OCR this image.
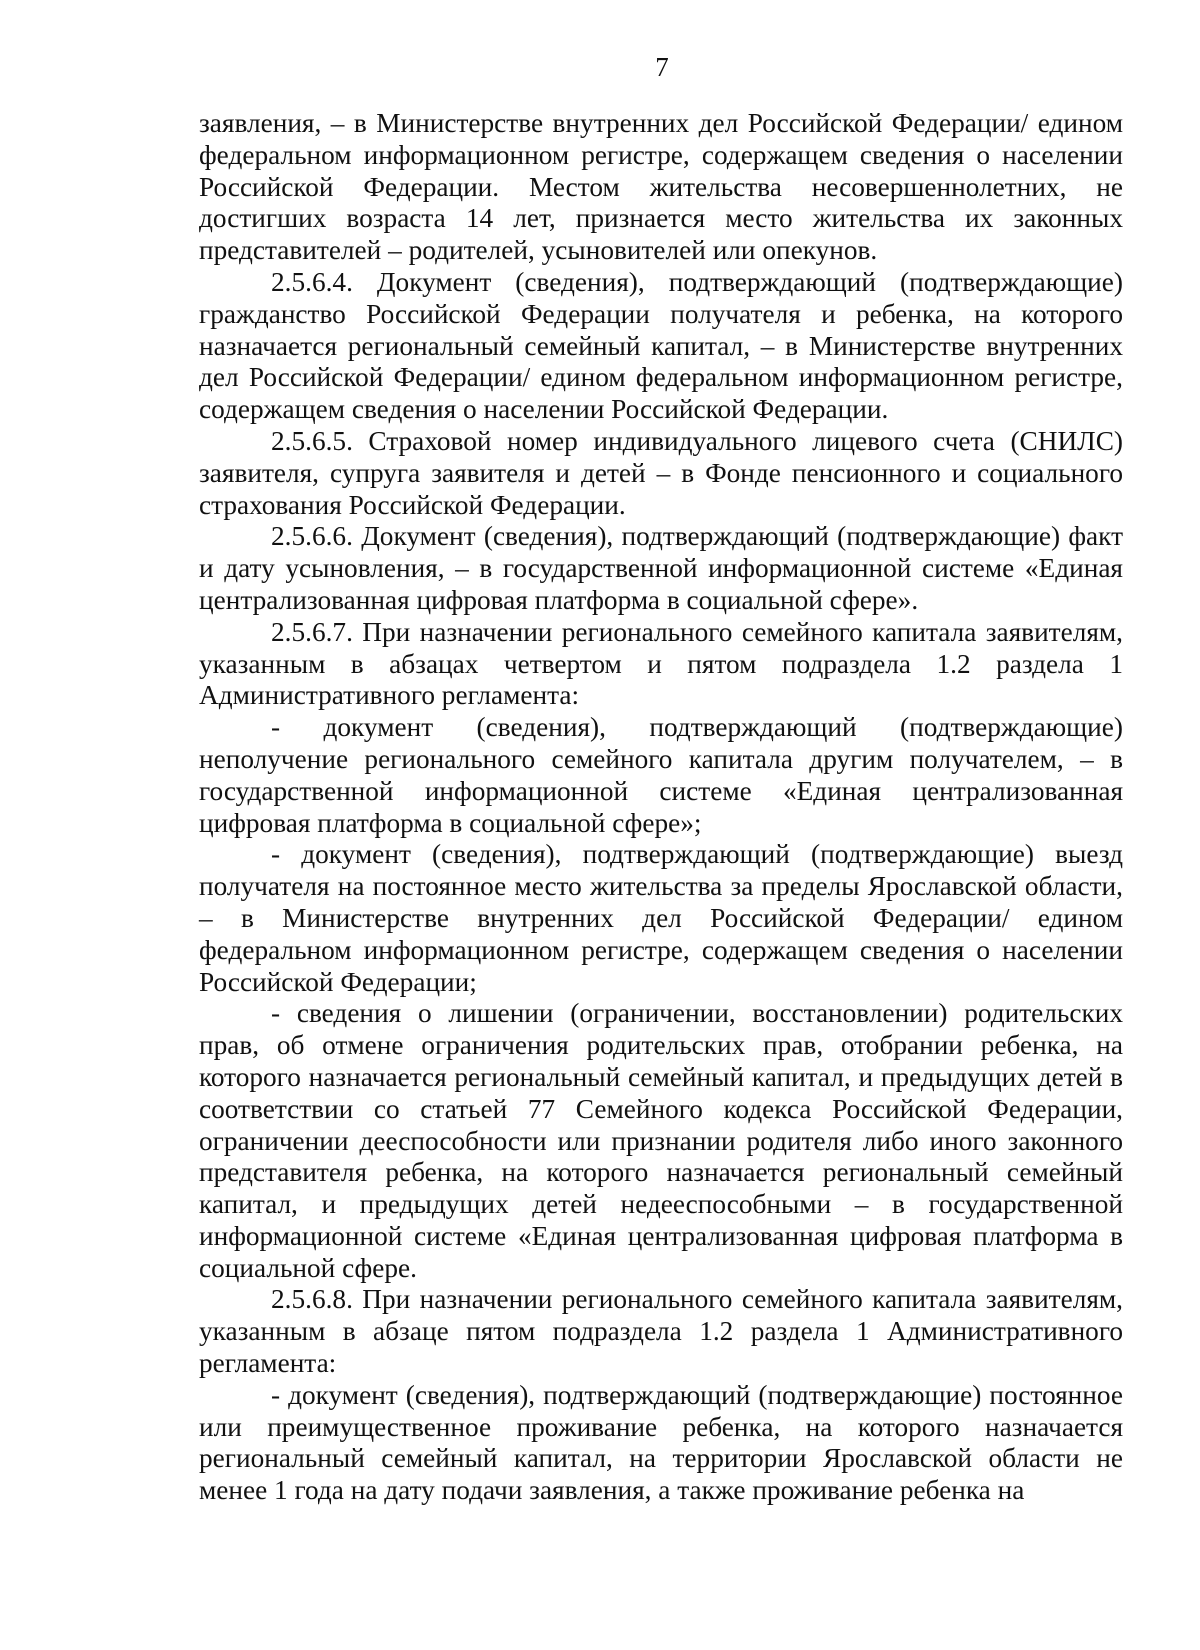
7

заявления, – в Министерстве внутренних дел Российской Федерации/ едином федеральном информационном регистре, содержащем сведения о населении Российской Федерации. Местом жительства несовершеннолетних, не достигших возраста 14 лет, признается место жительства их законных представителей – родителей, усыновителей или опекунов.

2.5.6.4. Документ (сведения), подтверждающий (подтверждающие) гражданство Российской Федерации получателя и ребенка, на которого назначается региональный семейный капитал, – в Министерстве внутренних дел Российской Федерации/ едином федеральном информационном регистре, содержащем сведения о населении Российской Федерации.

2.5.6.5. Страховой номер индивидуального лицевого счета (СНИЛС) заявителя, супруга заявителя и детей – в Фонде пенсионного и социального страхования Российской Федерации.

2.5.6.6. Документ (сведения), подтверждающий (подтверждающие) факт и дату усыновления, – в государственной информационной системе «Единая централизованная цифровая платформа в социальной сфере».

2.5.6.7. При назначении регионального семейного капитала заявителям, указанным в абзацах четвертом и пятом подраздела 1.2 раздела 1 Административного регламента:

- документ (сведения), подтверждающий (подтверждающие) неполучение регионального семейного капитала другим получателем, – в государственной информационной системе «Единая централизованная цифровая платформа в социальной сфере»;

- документ (сведения), подтверждающий (подтверждающие) выезд получателя на постоянное место жительства за пределы Ярославской области, – в Министерстве внутренних дел Российской Федерации/ едином федеральном информационном регистре, содержащем сведения о населении Российской Федерации;

- сведения о лишении (ограничении, восстановлении) родительских прав, об отмене ограничения родительских прав, отобрании ребенка, на которого назначается региональный семейный капитал, и предыдущих детей в соответствии со статьей 77 Семейного кодекса Российской Федерации, ограничении дееспособности или признании родителя либо иного законного представителя ребенка, на которого назначается региональный семейный капитал, и предыдущих детей недееспособными – в государственной информационной системе «Единая централизованная цифровая платформа в социальной сфере.

2.5.6.8. При назначении регионального семейного капитала заявителям, указанным в абзаце пятом подраздела 1.2 раздела 1 Административного регламента:

- документ (сведения), подтверждающий (подтверждающие) постоянное или преимущественное проживание ребенка, на которого назначается региональный семейный капитал, на территории Ярославской области не менее 1 года на дату подачи заявления, а также проживание ребенка на
